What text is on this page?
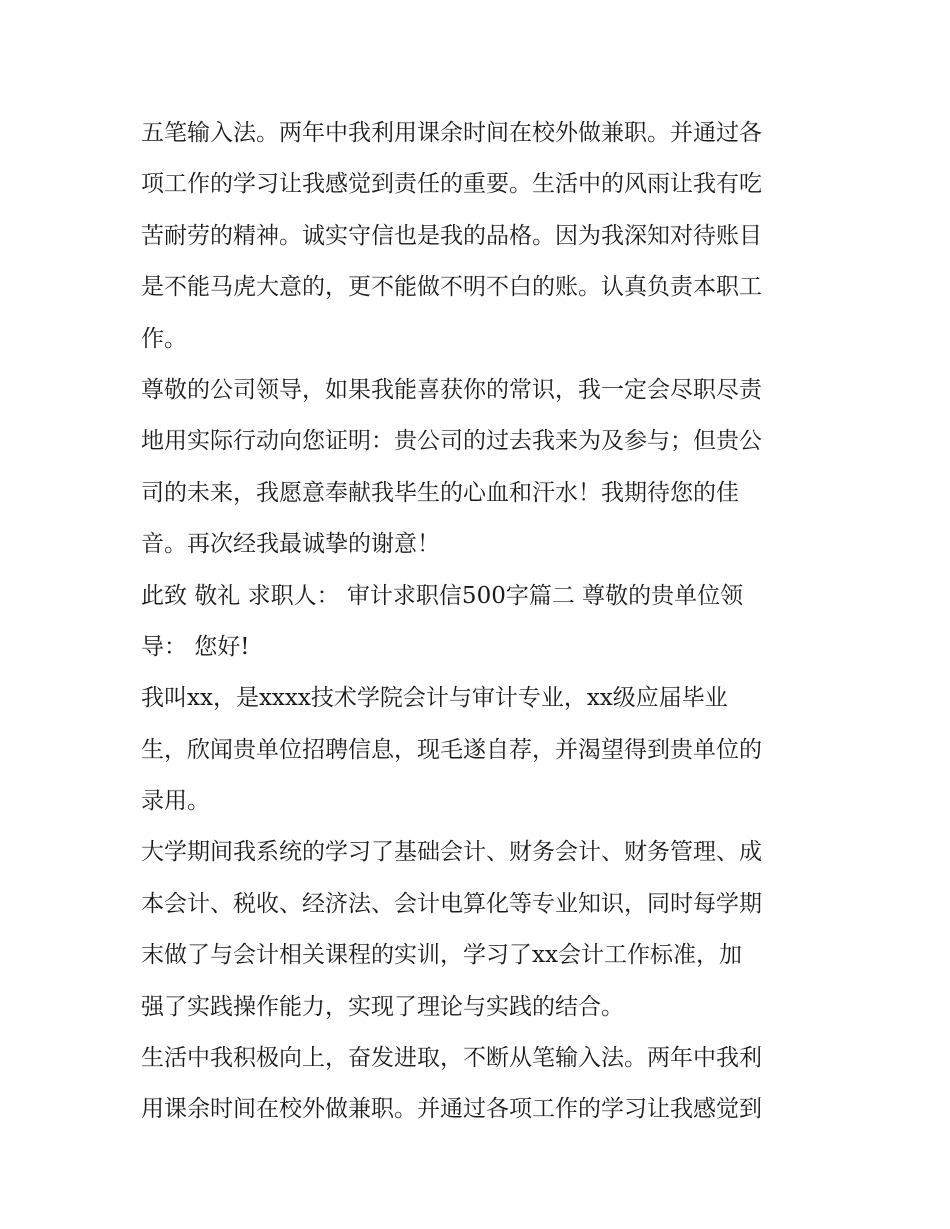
五笔输入法。两年中我利用课余时间在校外做兼职。并通过各
项工作的学习让我感觉到责任的重要。生活中的风雨让我有吃
苦耐劳的精神。诚实守信也是我的品格。因为我深知对待账目
是不能马虎大意的，更不能做不明不白的账。认真负责本职工
作。

尊敬的公司领导，如果我能喜获你的常识，我一定会尽职尽责
地用实际行动向您证明：贵公司的过去我来为及参与；但贵公
司的未来，我愿意奉献我毕生的心血和汗水！我期待您的佳
音。再次经我最诚挚的谢意！

此致 敬礼 求职人： 审计求职信500字篇二 尊敬的贵单位领
导： 您好!

我叫xx，是xxxx技术学院会计与审计专业，xx级应届毕业
生，欣闻贵单位招聘信息，现毛遂自荐，并渴望得到贵单位的
录用。

大学期间我系统的学习了基础会计、财务会计、财务管理、成
本会计、税收、经济法、会计电算化等专业知识，同时每学期
末做了与会计相关课程的实训，学习了xx会计工作标准，加
强了实践操作能力，实现了理论与实践的结合。

生活中我积极向上，奋发进取，不断从笔输入法。两年中我利
用课余时间在校外做兼职。并通过各项工作的学习让我感觉到
